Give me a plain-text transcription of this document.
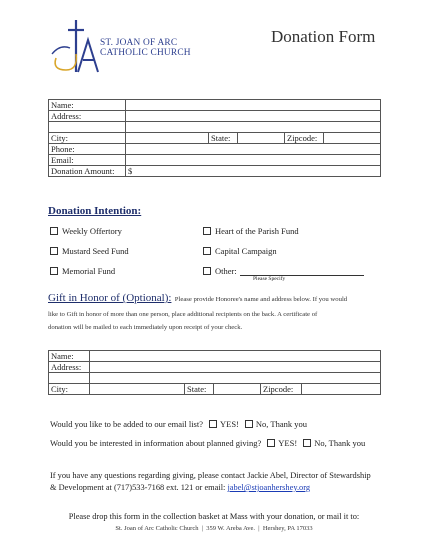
ST. JOAN OF ARC
CATHOLIC CHURCH
Donation Form
Name:					
Address:					

City:		State:		Zipcode:	
Phone:					
Email:					
Donation Amount:	$				
Donation Intention:
Weekly Offertory	Heart of the Parish Fund
Mustard Seed Fund	Capital Campaign
Memorial Fund	Other:
Please Specify
Gift in Honor of (Optional): Please provide Honoree's name and address below. If you would
like to Gift in honor of more than one person, place additional recipients on the back. A certificate of
donation will be mailed to each immediately upon receipt of your check.
Name:					
Address:					

City:		State:		Zipcode:	
Would you like to be added to our email list? YES! No, Thank you
Would you be interested in information about planned giving? YES! No, Thank you
If you have any questions regarding giving, please contact Jackie Abel, Director of Stewardship
& Development at (717)533-7168 ext. 121 or email: jabel@stjoanhershey.org
Please drop this form in the collection basket at Mass with your donation, or mail it to:
St. Joan of Arc Catholic Church  |  359 W. Areba Ave.  |  Hershey, PA 17033
